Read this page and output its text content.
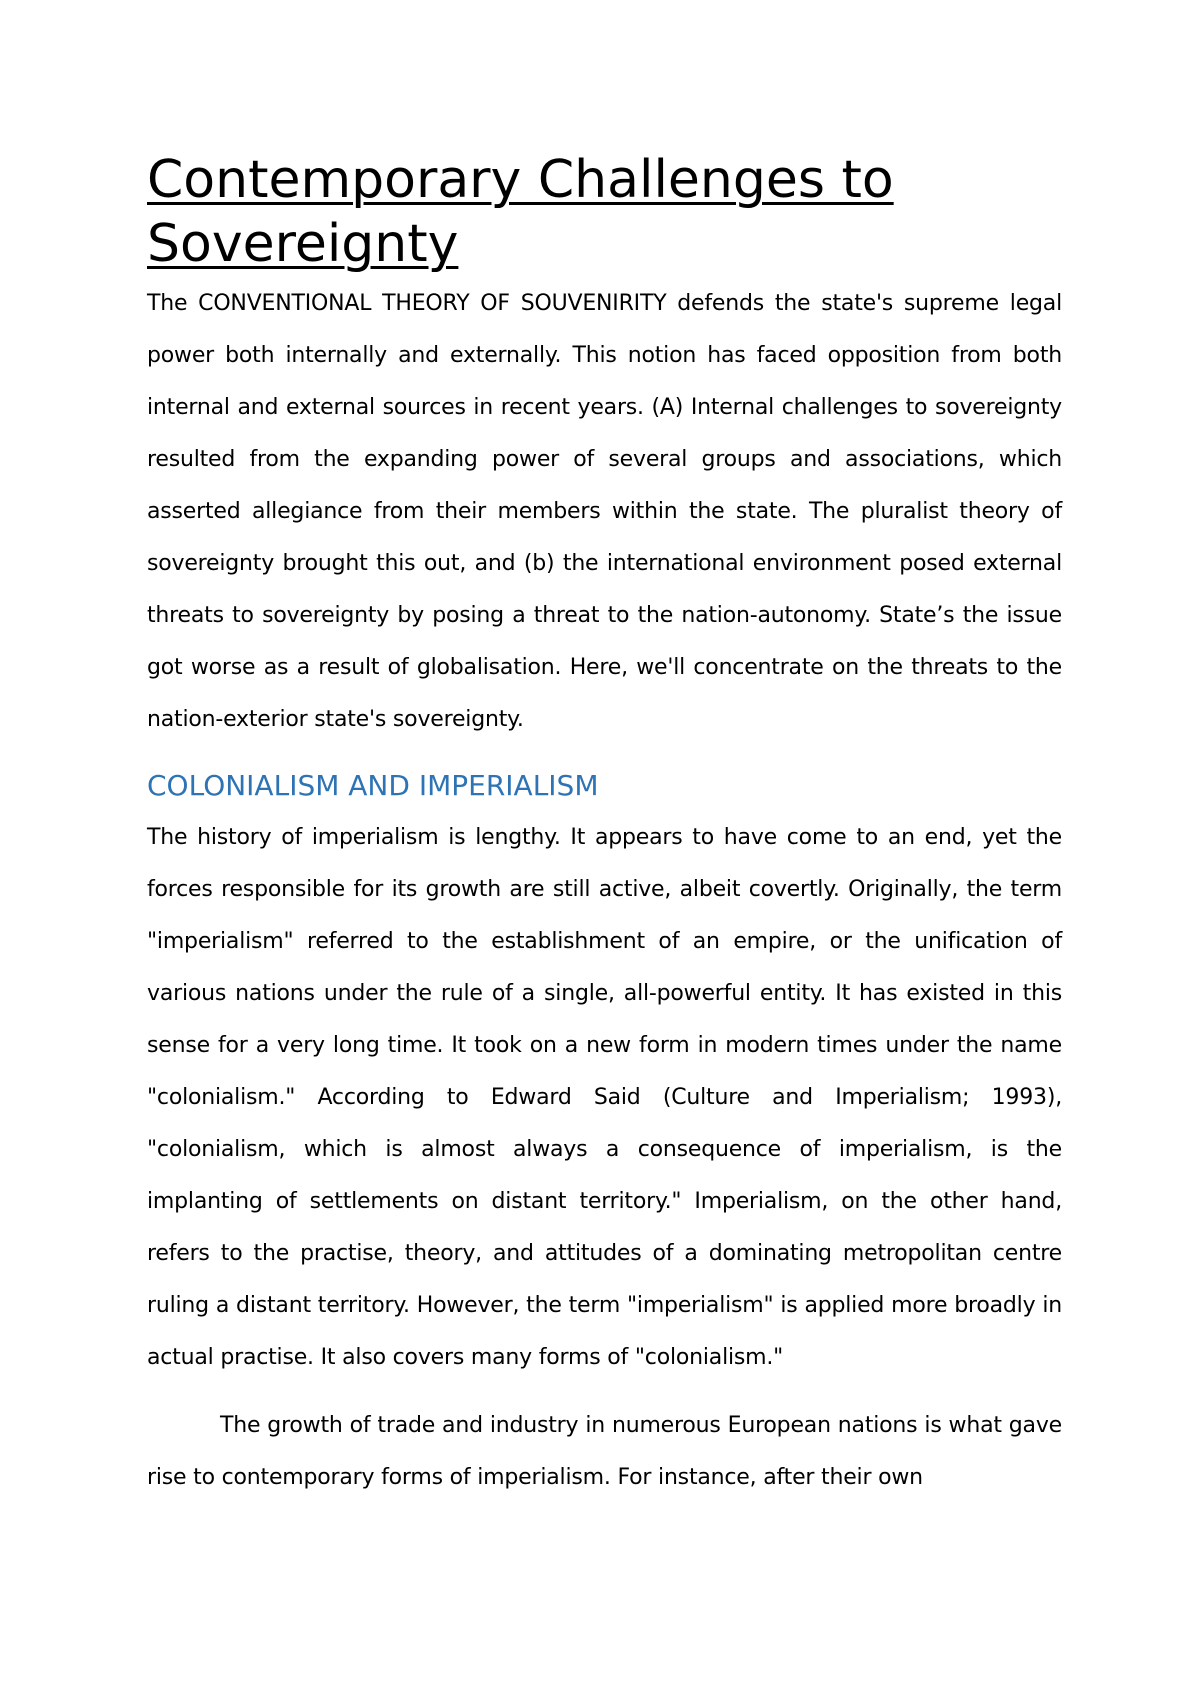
Contemporary Challenges to Sovereignty

The CONVENTIONAL THEORY OF SOUVENIRITY defends the state's supreme legal power both internally and externally. This notion has faced opposition from both internal and external sources in recent years. (A) Internal challenges to sovereignty resulted from the expanding power of several groups and associations, which asserted allegiance from their members within the state. The pluralist theory of sovereignty brought this out, and (b) the international environment posed external threats to sovereignty by posing a threat to the nation-autonomy. State’s the issue got worse as a result of globalisation. Here, we'll concentrate on the threats to the nation-exterior state's sovereignty.

COLONIALISM AND IMPERIALISM

The history of imperialism is lengthy. It appears to have come to an end, yet the forces responsible for its growth are still active, albeit covertly. Originally, the term "imperialism" referred to the establishment of an empire, or the unification of various nations under the rule of a single, all-powerful entity. It has existed in this sense for a very long time. It took on a new form in modern times under the name "colonialism." According to Edward Said (Culture and Imperialism; 1993), "colonialism, which is almost always a consequence of imperialism, is the implanting of settlements on distant territory." Imperialism, on the other hand, refers to the practise, theory, and attitudes of a dominating metropolitan centre ruling a distant territory. However, the term "imperialism" is applied more broadly in actual practise. It also covers many forms of "colonialism."

The growth of trade and industry in numerous European nations is what gave rise to contemporary forms of imperialism. For instance, after their own
